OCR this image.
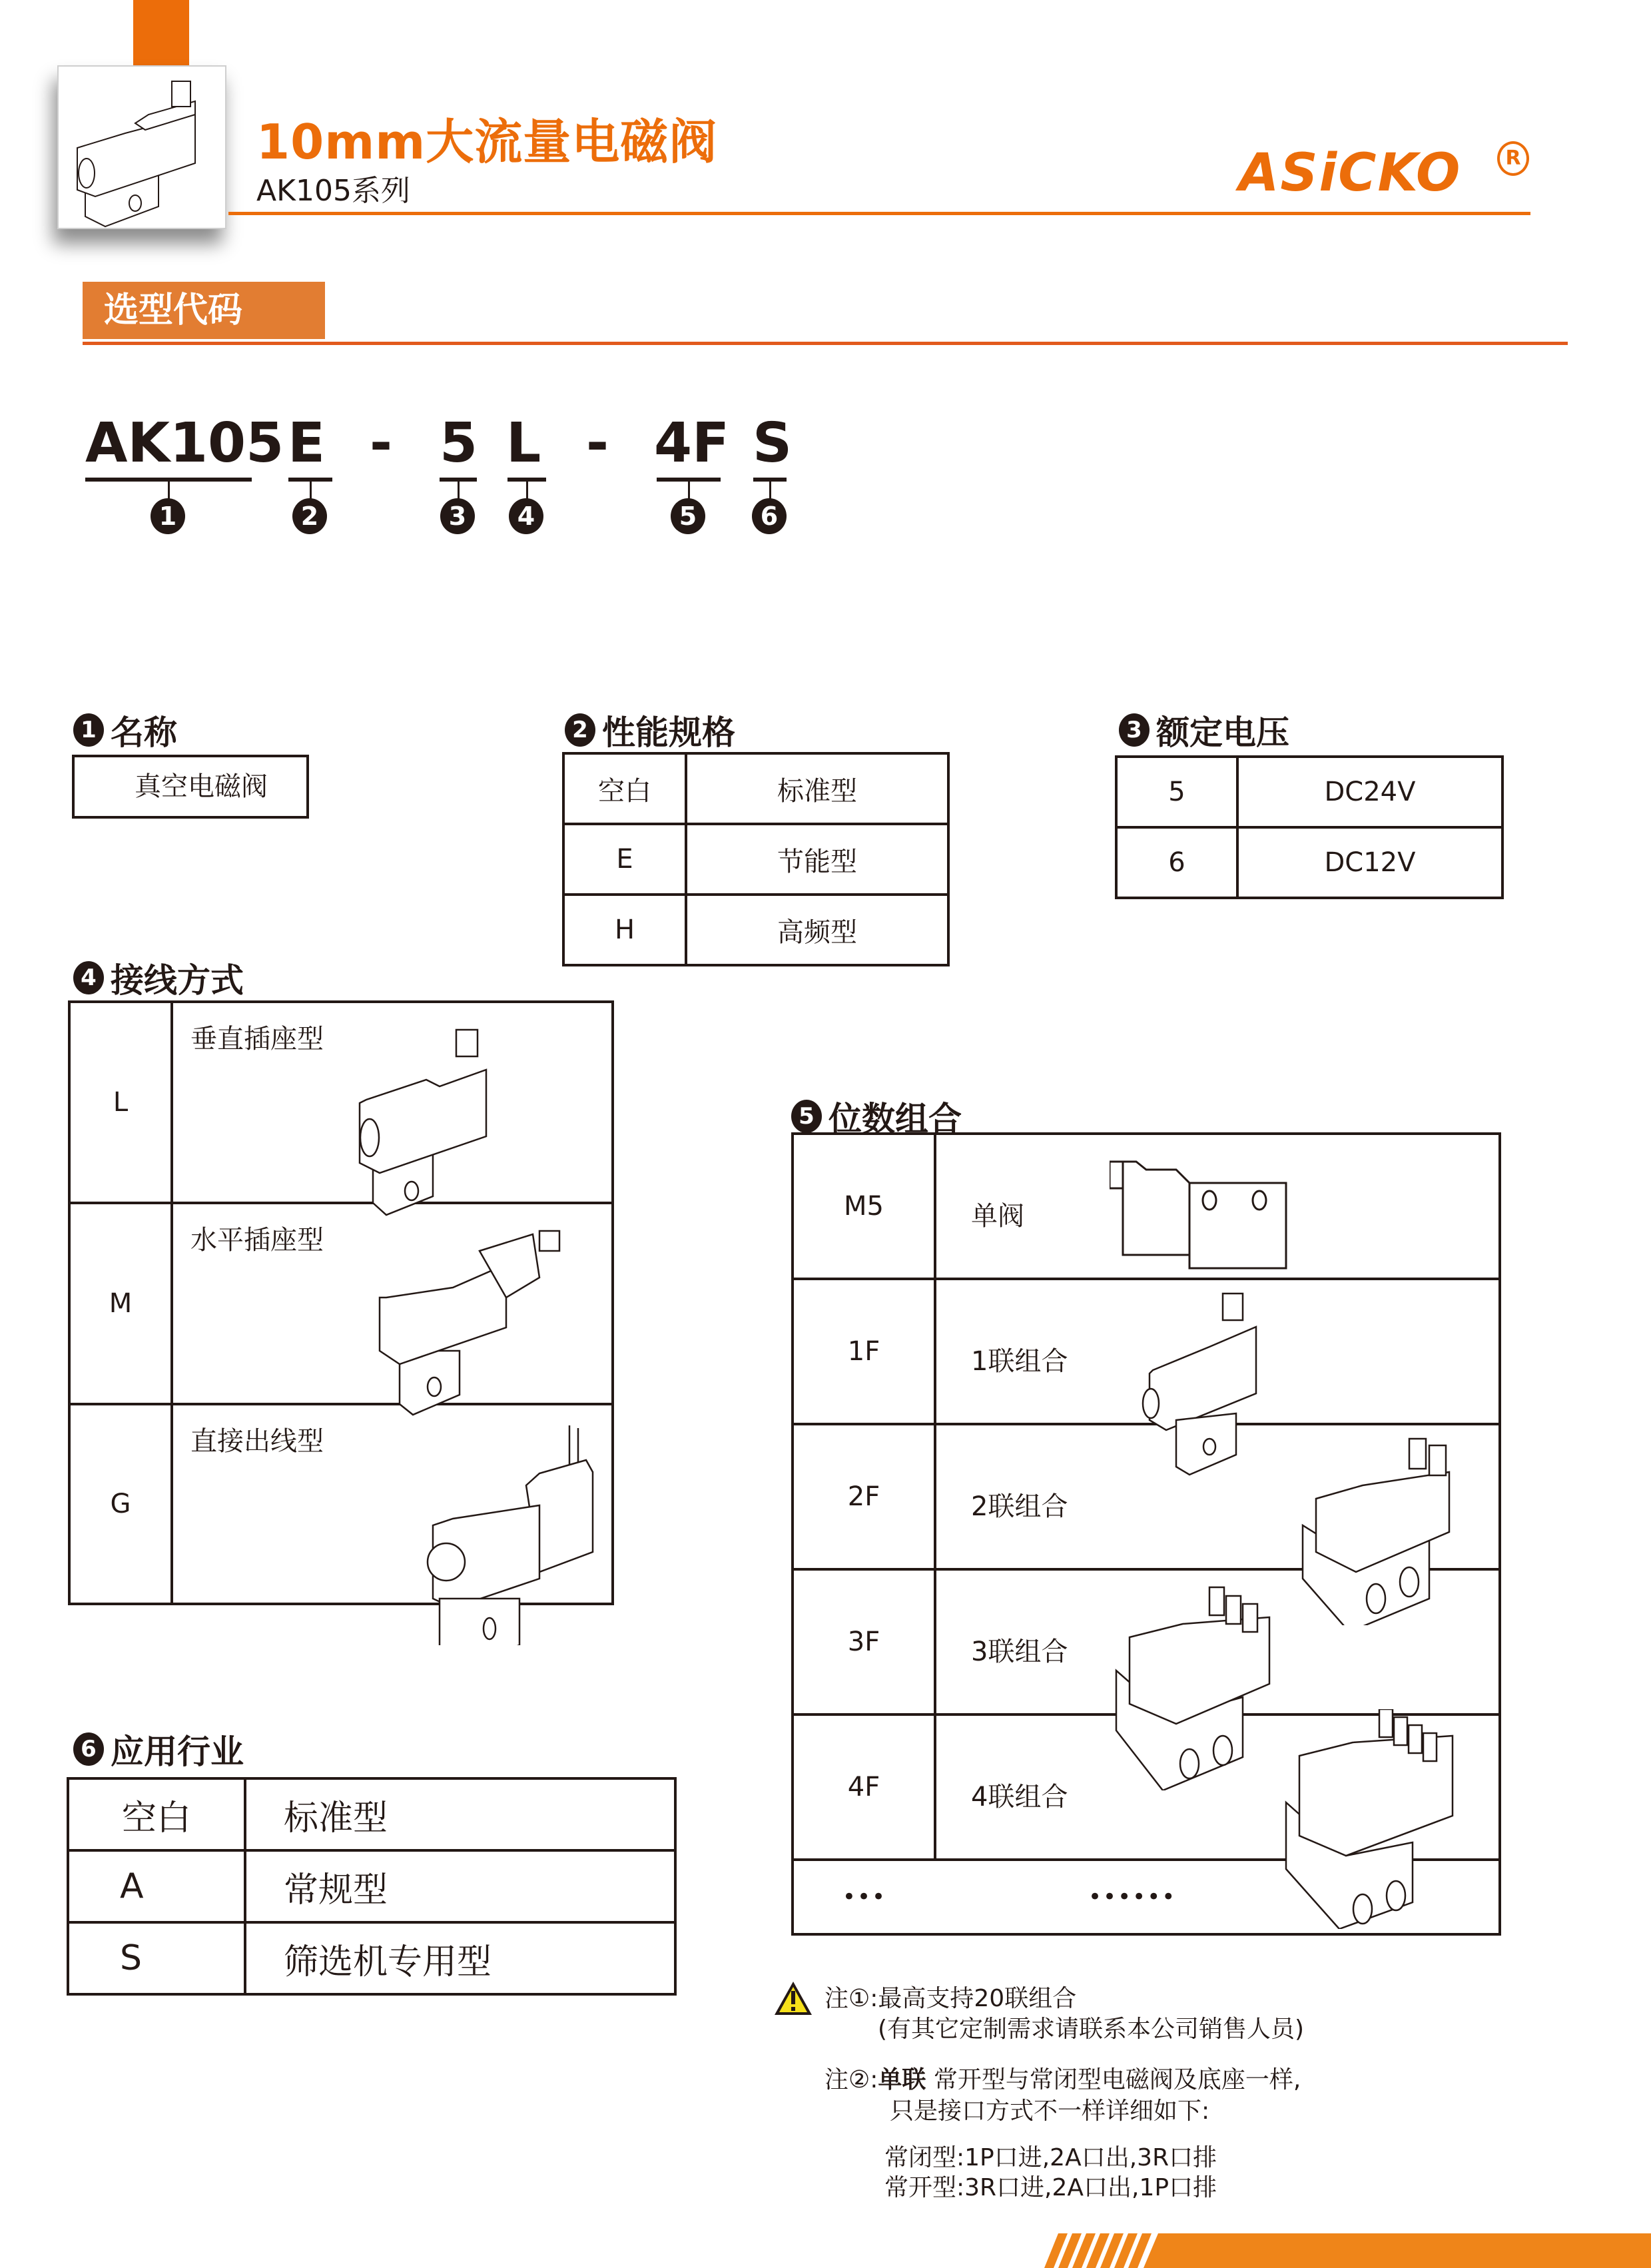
10mm大流量电磁阀
AK105系列	ASiCKO	R
选型代码
AK105 E - 5 L - 4F S
1	2	3	4	5	6
1 名称
真空电磁阀
2 性能规格
空白	标准型
E	节能型
H	高频型
3 额定电压
5	DC24V
6	DC12V
4 接线方式
L	垂直插座型

M	水平插座型

G	直接出线型
5 位数组合
M5	单阀

1F	1联组合

2F	2联组合

3F	3联组合

4F	4联组合

•••	••••••
6 应用行业
空白	标准型
A	常规型
S	筛选机专用型
注①:最高支持20联组合
(有其它定制需求请联系本公司销售人员)
注②:单联 常开型与常闭型电磁阀及底座一样,
只是接口方式不一样详细如下:
常闭型:1P口进,2A口出,3R口排
常开型:3R口进,2A口出,1P口排
